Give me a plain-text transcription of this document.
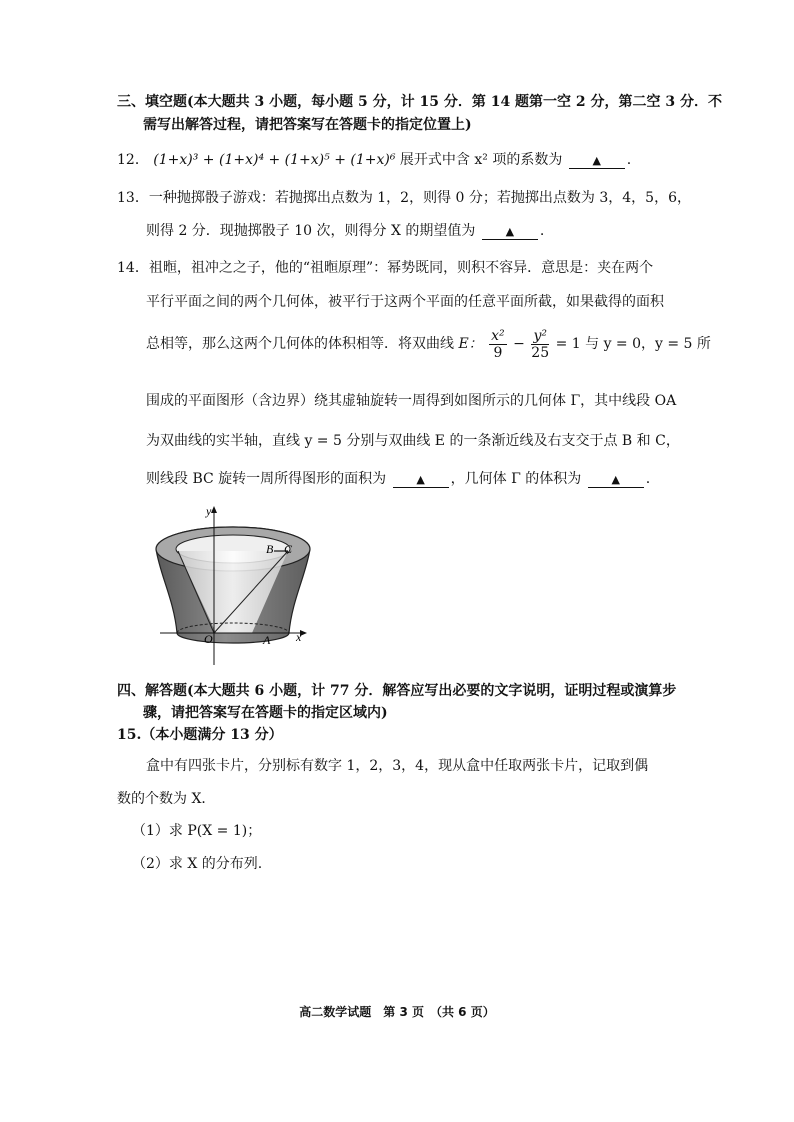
三、填空题(本大题共 3 小题，每小题 5 分，计 15 分．第 14 题第一空 2 分，第二空 3 分．不
需写出解答过程，请把答案写在答题卡的指定位置上)
12． (1+x)³ + (1+x)⁴ + (1+x)⁵ + (1+x)⁶ 展开式中含 x² 项的系数为	▲ .
13．一种抛掷骰子游戏：若抛掷出点数为 1，2，则得 0 分；若抛掷出点数为 3，4，5，6，
则得 2 分．现抛掷骰子 10 次，则得分 X 的期望值为	▲ .
14．祖暅，祖冲之之子，他的“祖暅原理”：幂势既同，则积不容异．意思是：夹在两个
平行平面之间的两个几何体，被平行于这两个平面的任意平面所截，如果截得的面积
总相等，那么这两个几何体的体积相等．将双曲线 E： $\frac{\text{x²}}{9} - \frac{\text{y²}}{25} = 1$ 与 y = 0，y = 5 所
围成的平面图形（含边界）绕其虚轴旋转一周得到如图所示的几何体 Γ，其中线段 OA
为双曲线的实半轴，直线 y = 5 分别与双曲线 E 的一条渐近线及右支交于点 B 和 C，
则线段 BC 旋转一周所得图形的面积为	▲ ，几何体 Γ 的体积为	▲ .
y
x
O	A
B C
四、解答题(本大题共 6 小题，计 77 分．解答应写出必要的文字说明，证明过程或演算步
骤，请把答案写在答题卡的指定区域内)
15.（本小题满分 13 分）
盒中有四张卡片，分别标有数字 1，2，3，4，现从盒中任取两张卡片，记取到偶
数的个数为 X．
（1）求 P(X = 1)；
（2）求 X 的分布列.
高二数学试题　第 3 页　（共 6 页）
